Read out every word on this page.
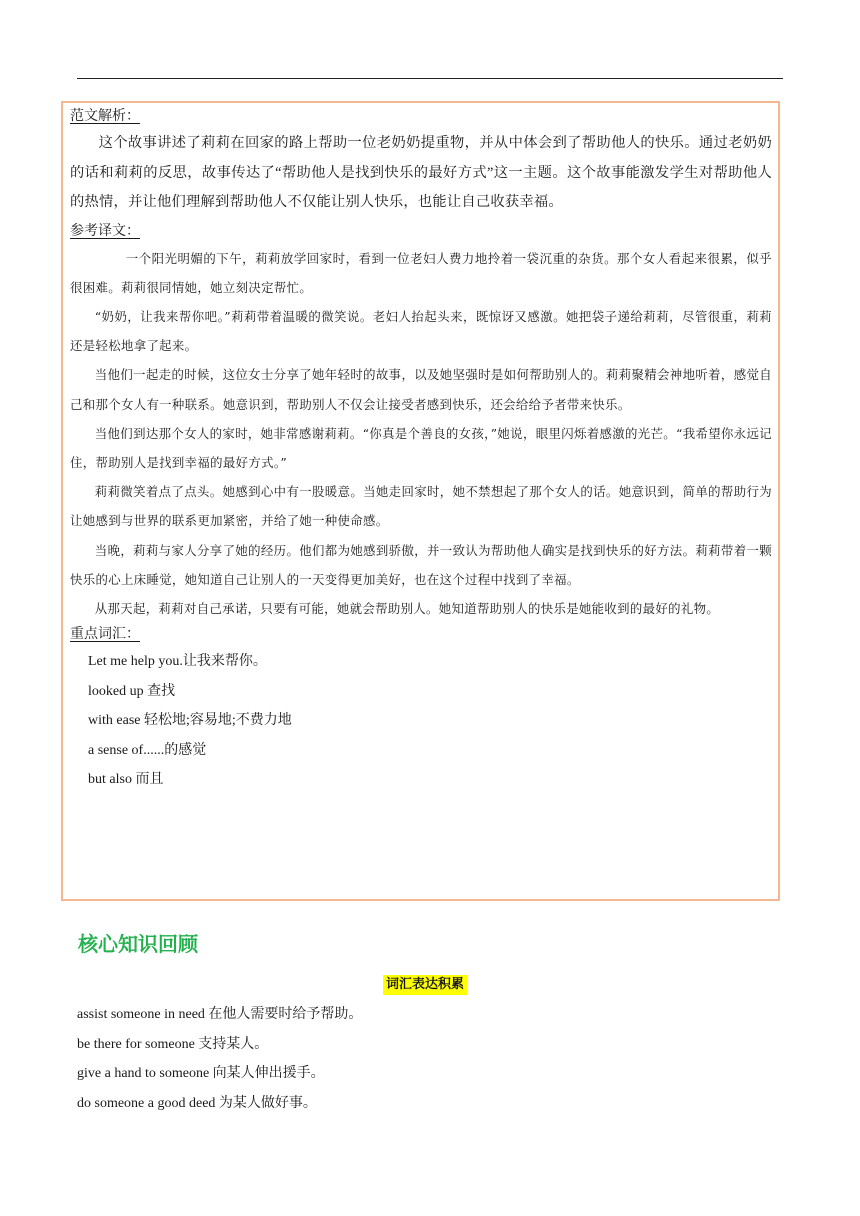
范文解析：

这个故事讲述了莉莉在回家的路上帮助一位老奶奶提重物，并从中体会到了帮助他人的快乐。通过老奶奶的话和莉莉的反思，故事传达了“帮助他人是找到快乐的最好方式”这一主题。这个故事能激发学生对帮助他人的热情，并让他们理解到帮助他人不仅能让别人快乐，也能让自己收获幸福。

参考译文：

一个阳光明媚的下午，莉莉放学回家时，看到一位老妇人费力地拎着一袋沉重的杂货。那个女人看起来很累，似乎很困难。莉莉很同情她，她立刻决定帮忙。

“奶奶，让我来帮你吧。”莉莉带着温暖的微笑说。老妇人抬起头来，既惊讶又感激。她把袋子递给莉莉，尽管很重，莉莉还是轻松地拿了起来。

当他们一起走的时候，这位女士分享了她年轻时的故事，以及她坚强时是如何帮助别人的。莉莉聚精会神地听着，感觉自己和那个女人有一种联系。她意识到，帮助别人不仅会让接受者感到快乐，还会给给予者带来快乐。

当他们到达那个女人的家时，她非常感谢莉莉。“你真是个善良的女孩，”她说，眼里闪烁着感激的光芒。“我希望你永远记住，帮助别人是找到幸福的最好方式。”

莉莉微笑着点了点头。她感到心中有一股暖意。当她走回家时，她不禁想起了那个女人的话。她意识到，简单的帮助行为让她感到与世界的联系更加紧密，并给了她一种使命感。

当晚，莉莉与家人分享了她的经历。他们都为她感到骄傲，并一致认为帮助他人确实是找到快乐的好方法。莉莉带着一颗快乐的心上床睡觉，她知道自己让别人的一天变得更加美好，也在这个过程中找到了幸福。

从那天起，莉莉对自己承诺，只要有可能，她就会帮助别人。她知道帮助别人的快乐是她能收到的最好的礼物。

重点词汇：
Let me help you.让我来帮你。
looked up 查找
with ease 轻松地;容易地;不费力地
a sense of......的感觉
but also 而且
核心知识回顾
词汇表达积累
assist someone in need 在他人需要时给予帮助。
be there for someone 支持某人。
give a hand to someone 向某人伸出援手。
do someone a good deed 为某人做好事。
